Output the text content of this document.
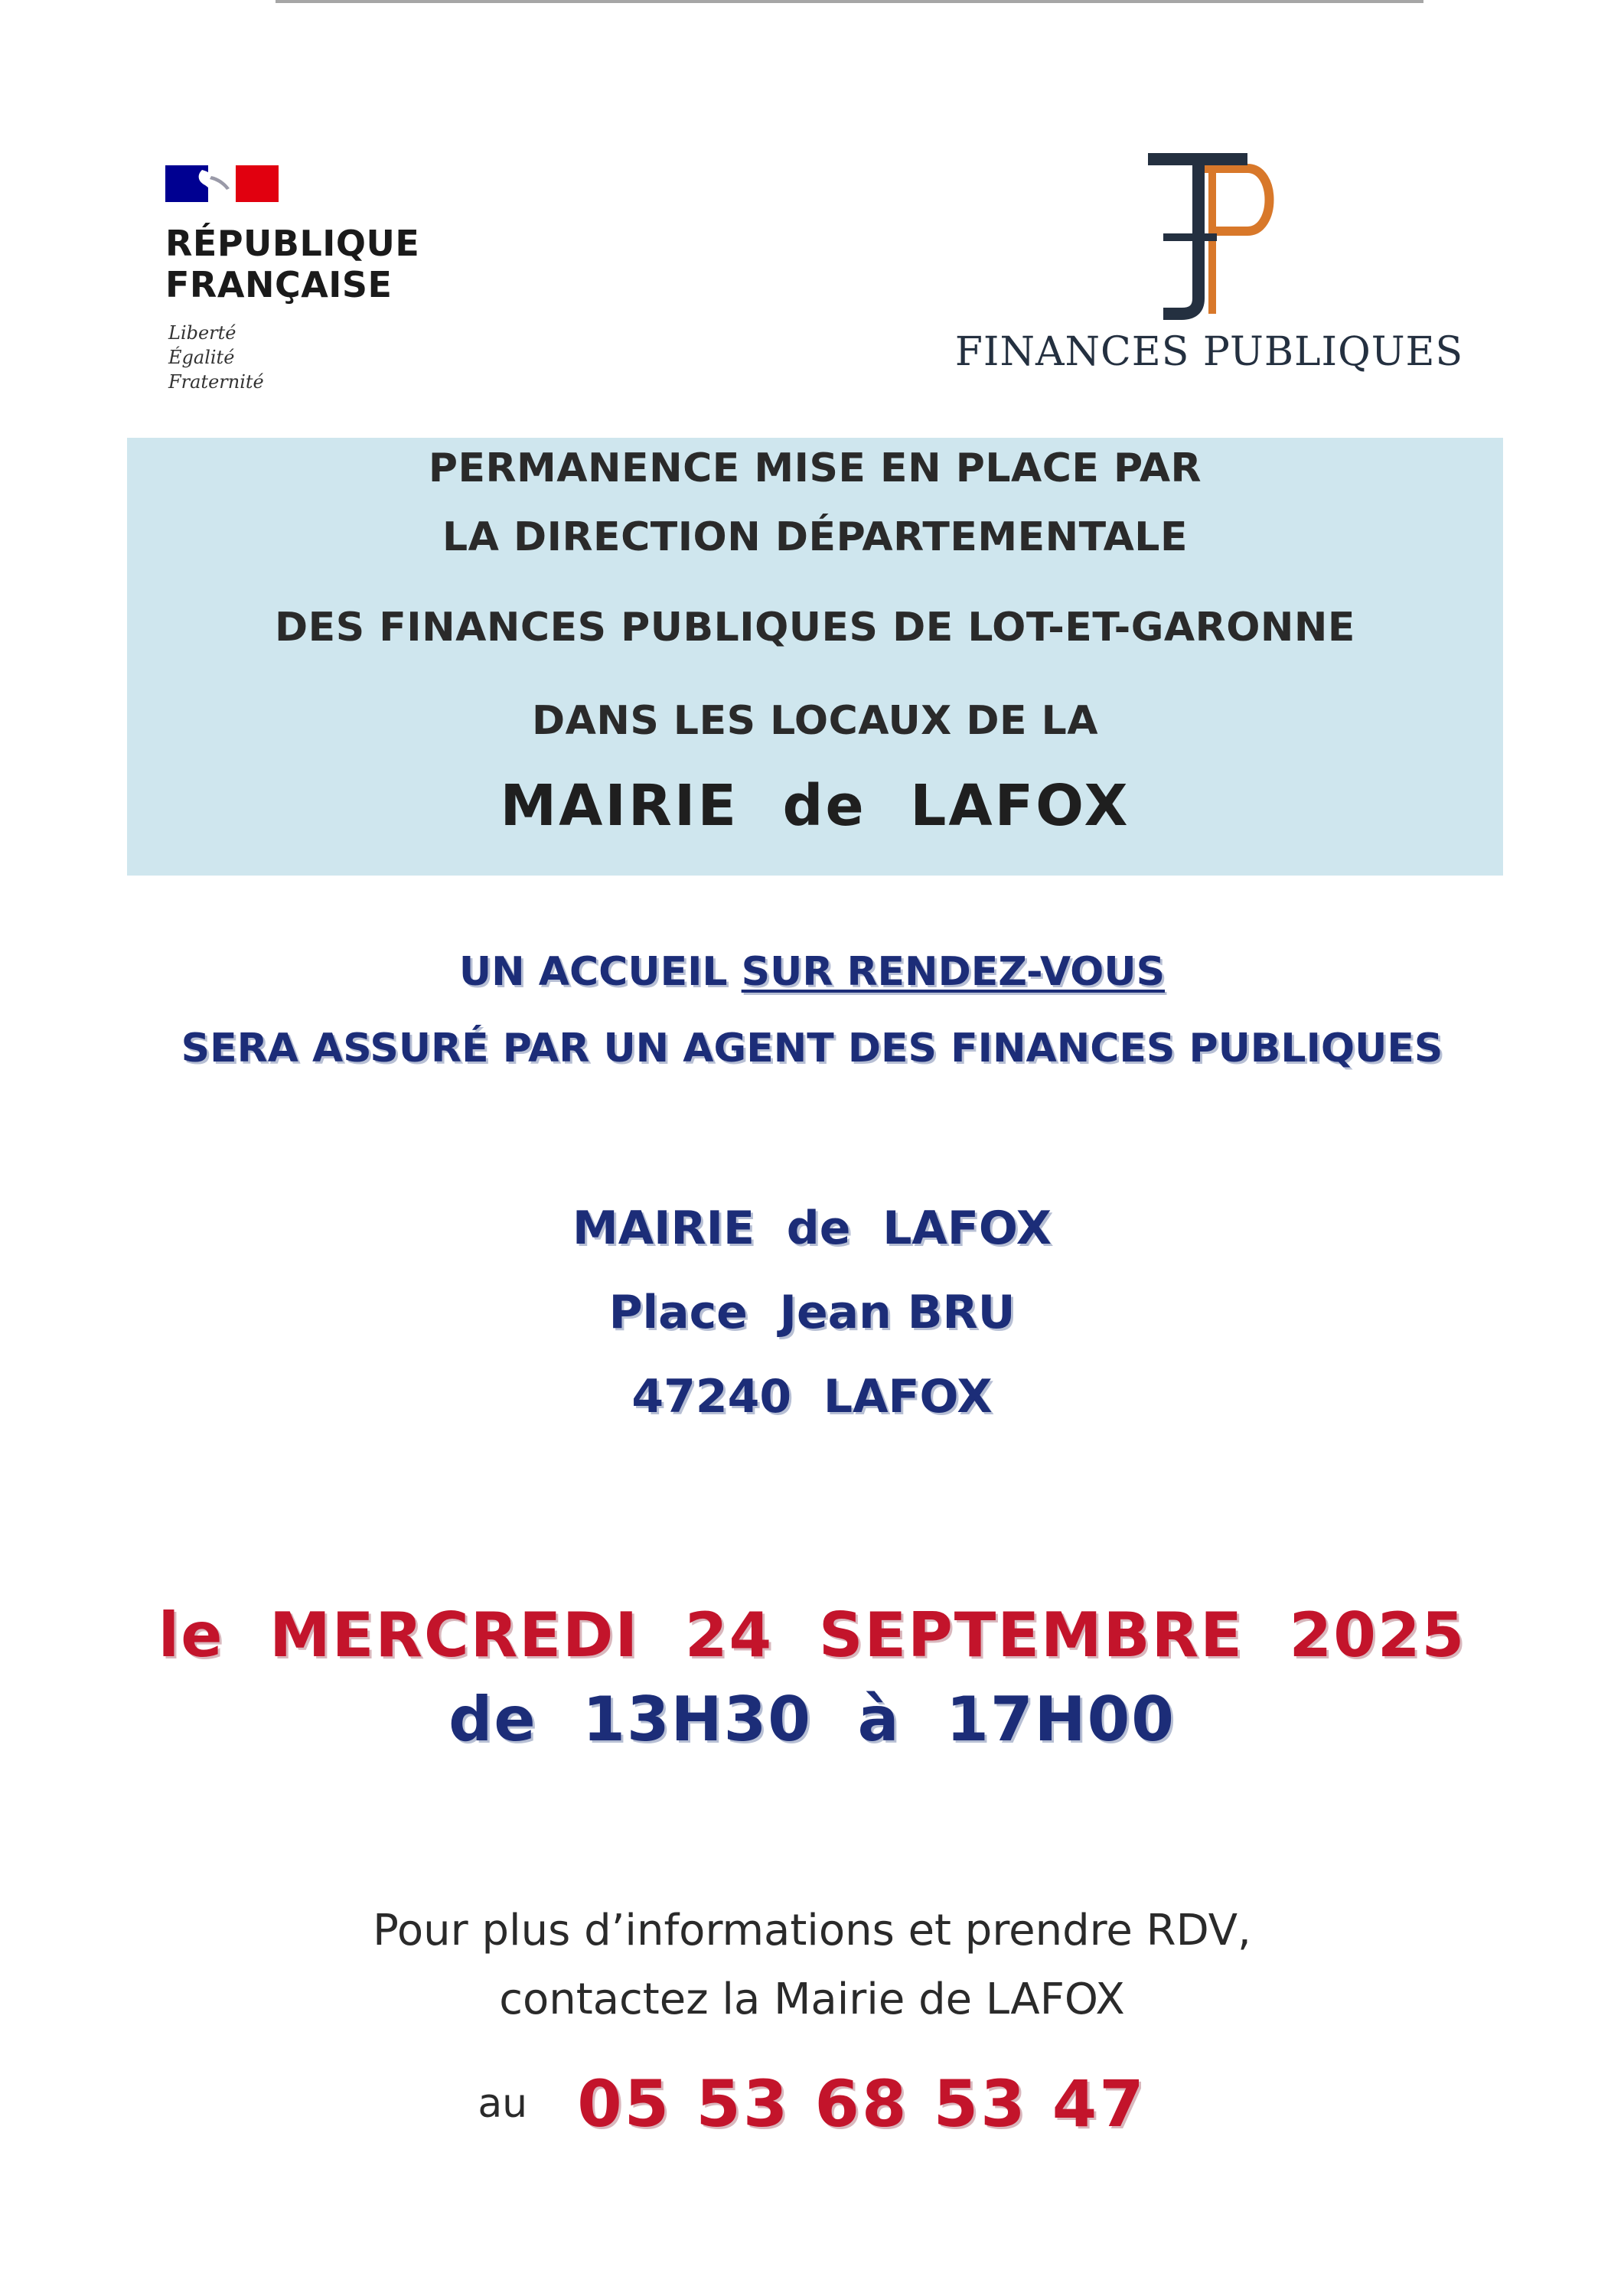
RÉPUBLIQUE
FRANÇAISE
Liberté
Égalité
Fraternité
FINANCES PUBLIQUES
PERMANENCE MISE EN PLACE PAR
LA DIRECTION DÉPARTEMENTALE
DES FINANCES PUBLIQUES DE LOT-ET-GARONNE
DANS LES LOCAUX DE LA
MAIRIE  de  LAFOX
UN ACCUEIL SUR RENDEZ-VOUS
SERA ASSURÉ PAR UN AGENT DES FINANCES PUBLIQUES
MAIRIE  de  LAFOX
Place  Jean BRU
47240  LAFOX
le  MERCREDI  24  SEPTEMBRE  2025
de  13H30  à  17H00
Pour plus d’informations et prendre RDV,
contactez la Mairie de LAFOX
au 05 53 68 53 47
